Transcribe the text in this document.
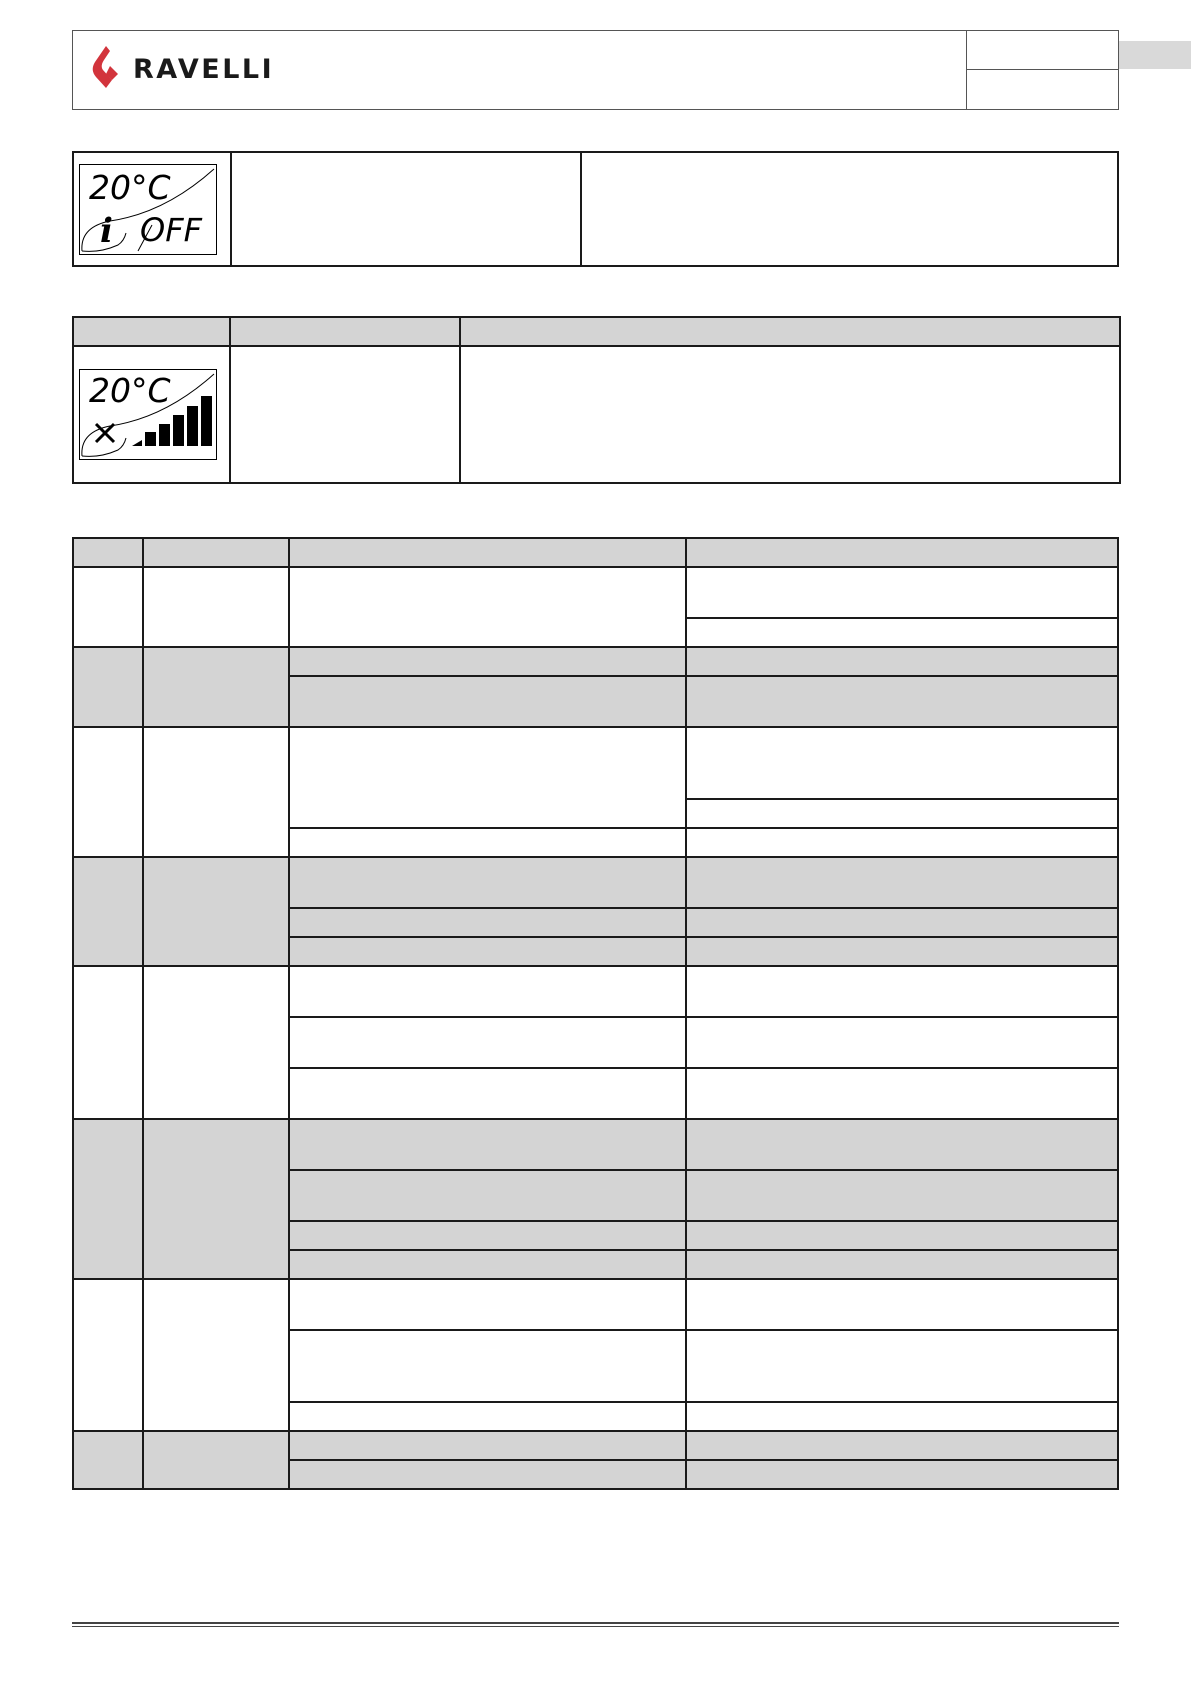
RAVELLI
20°C
i OFF

20°C		
